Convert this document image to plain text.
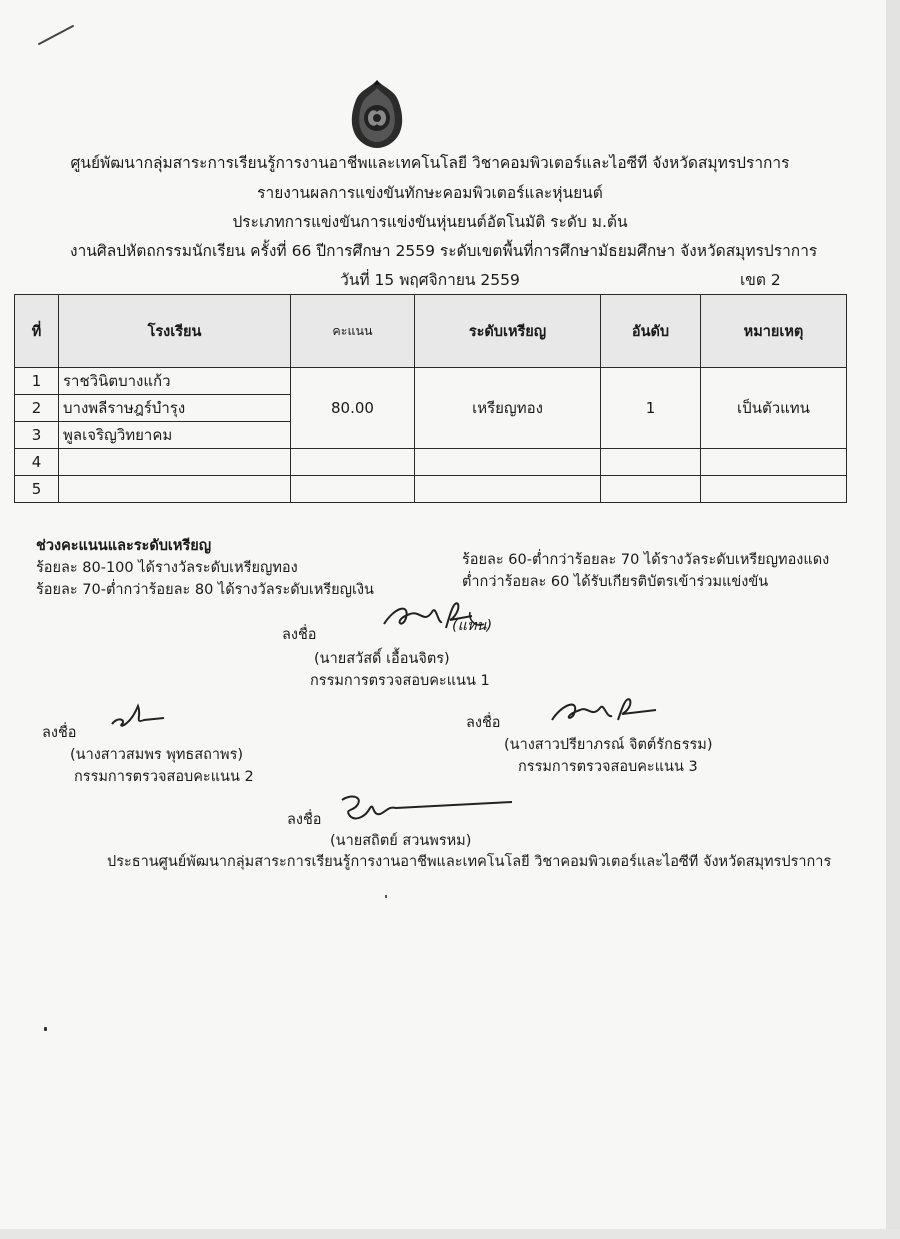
ศูนย์พัฒนากลุ่มสาระการเรียนรู้การงานอาชีพและเทคโนโลยี วิชาคอมพิวเตอร์และไอซีที จังหวัดสมุทรปราการ
รายงานผลการแข่งขันทักษะคอมพิวเตอร์และหุ่นยนต์
ประเภทการแข่งขันการแข่งขันหุ่นยนต์อัตโนมัติ ระดับ ม.ต้น
งานศิลปหัตถกรรมนักเรียน ครั้งที่ 66 ปีการศึกษา 2559 ระดับเขตพื้นที่การศึกษามัธยมศึกษา จังหวัดสมุทรปราการ
วันที่ 15 พฤศจิกายน 2559	เขต 2
ที่	โรงเรียน	คะแนน	ระดับเหรียญ	อันดับ	หมายเหตุ
1	ราชวินิตบางแก้ว	80.00	เหรียญทอง	1	เป็นตัวแทน
2	บางพลีราษฎร์บำรุง				
3	พูลเจริญวิทยาคม				
4					
5					
ช่วงคะแนนและระดับเหรียญ
ร้อยละ 80-100 ได้รางวัลระดับเหรียญทอง
ร้อยละ 70-ต่ำกว่าร้อยละ 80 ได้รางวัลระดับเหรียญเงิน
ร้อยละ 60-ต่ำกว่าร้อยละ 70 ได้รางวัลระดับเหรียญทองแดง
ต่ำกว่าร้อยละ 60 ได้รับเกียรติบัตรเข้าร่วมแข่งขัน
ลงชื่อ
(แทน)
(นายสวัสดิ์ เอื้อนจิตร)
กรรมการตรวจสอบคะแนน 1
ลงชื่อ
(นางสาวสมพร พุทธสถาพร)
กรรมการตรวจสอบคะแนน 2
ลงชื่อ
(นางสาวปรียาภรณ์ จิตต์รักธรรม)
กรรมการตรวจสอบคะแนน 3
ลงชื่อ
(นายสถิตย์ สวนพรหม)
ประธานศูนย์พัฒนากลุ่มสาระการเรียนรู้การงานอาชีพและเทคโนโลยี วิชาคอมพิวเตอร์และไอซีที จังหวัดสมุทรปราการ
